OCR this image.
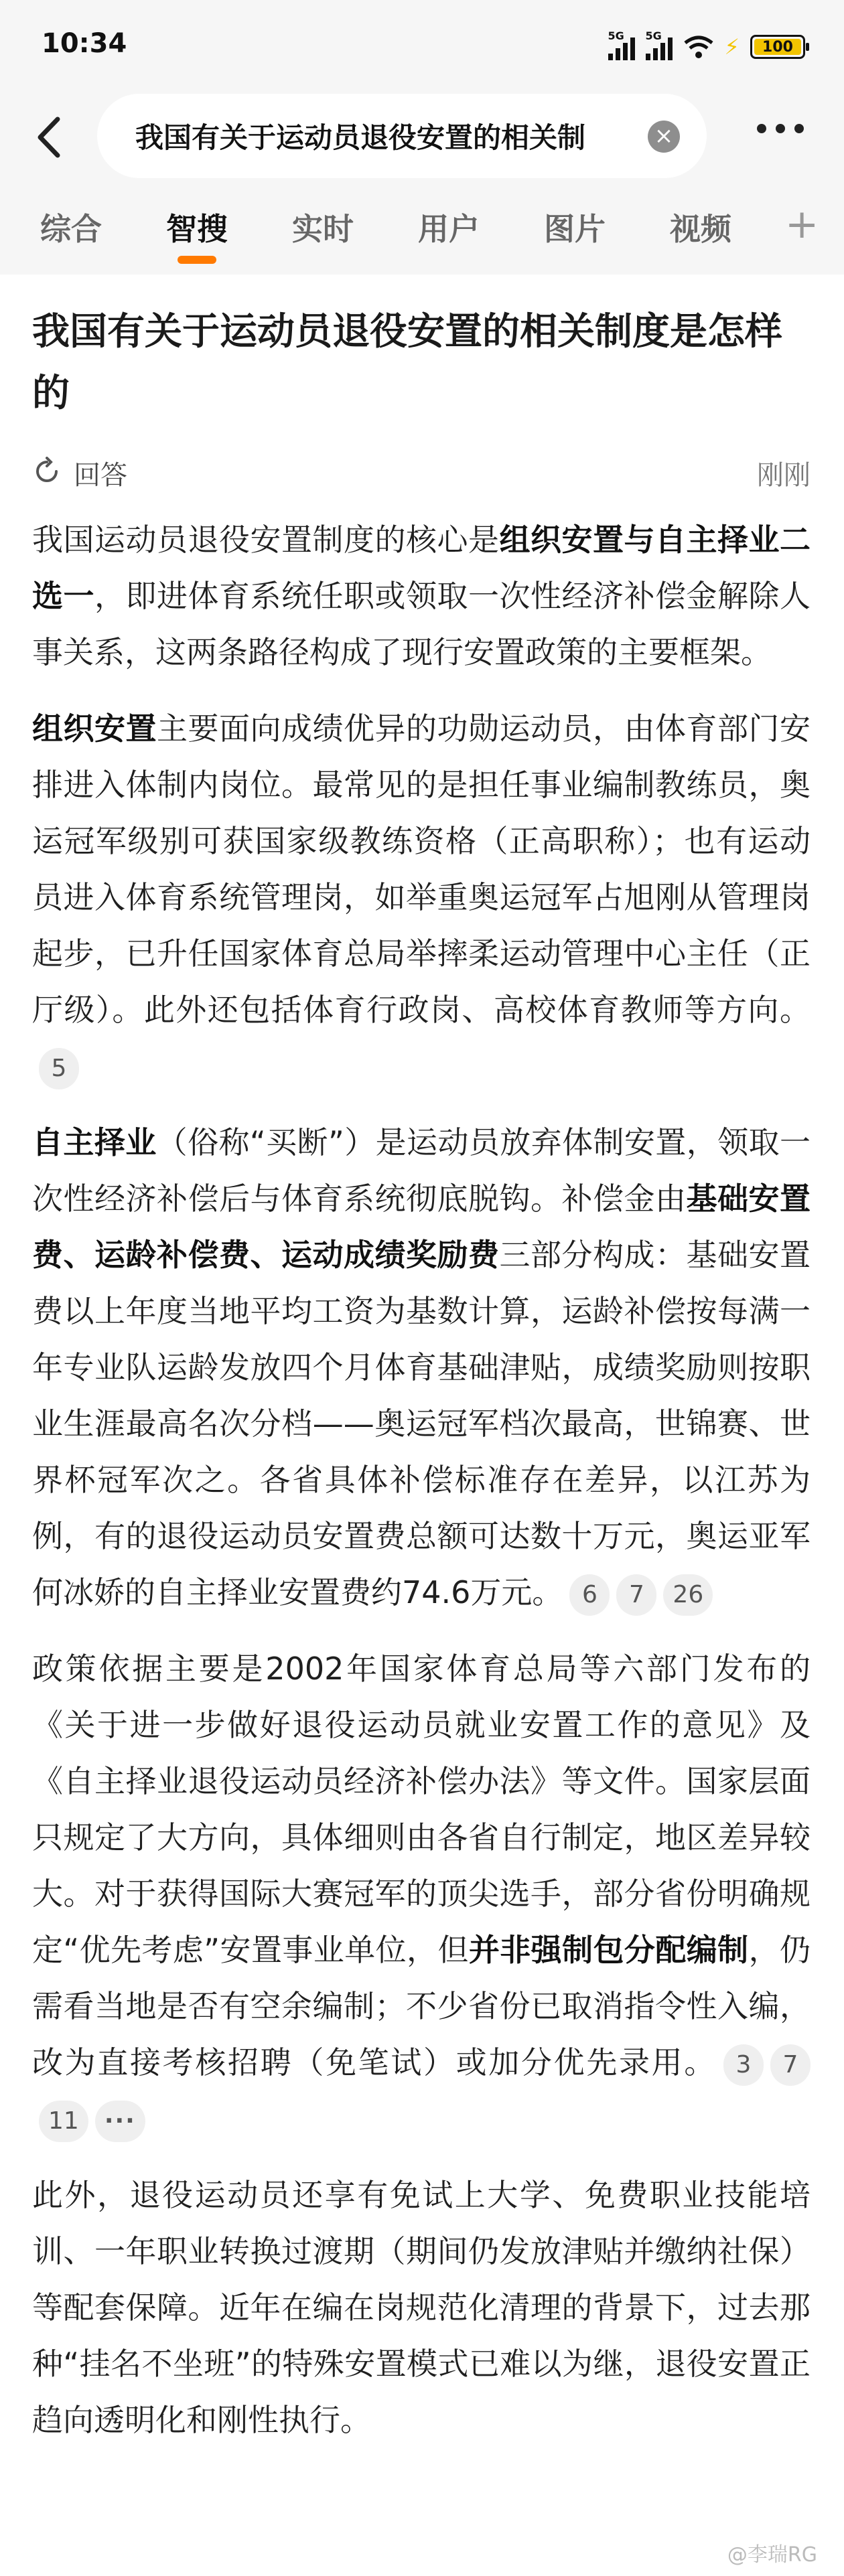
10:34	5G 5G	⚡ 100
我国有关于运动员退役安置的相关制
×
综合 智搜 实时 用户 图片 视频 +
我国有关于运动员退役安置的相关制度是怎样的
回答	刚刚

我国运动员退役安置制度的核心是组织安置与自主择业二选一，即进体育系统任职或领取一次性经济补偿金解除人事关系，这两条路径构成了现行安置政策的主要框架。

组织安置主要面向成绩优异的功勋运动员，由体育部门安排进入体制内岗位。最常见的是担任事业编制教练员，奥运冠军级别可获国家级教练资格（正高职称）；也有运动员进入体育系统管理岗，如举重奥运冠军占旭刚从管理岗起步，已升任国家体育总局举摔柔运动管理中心主任（正厅级）。此外还包括体育行政岗、高校体育教师等方向。5

自主择业（俗称“买断”）是运动员放弃体制安置，领取一次性经济补偿后与体育系统彻底脱钩。补偿金由基础安置费、运龄补偿费、运动成绩奖励费三部分构成：基础安置费以上年度当地平均工资为基数计算，运龄补偿按每满一年专业队运龄发放四个月体育基础津贴，成绩奖励则按职业生涯最高名次分档——奥运冠军档次最高，世锦赛、世界杯冠军次之。各省具体补偿标准存在差异，以江苏为例，有的退役运动员安置费总额可达数十万元，奥运亚军何冰娇的自主择业安置费约74.6万元。 6 7 26

政策依据主要是2002年国家体育总局等六部门发布的《关于进一步做好退役运动员就业安置工作的意见》及《自主择业退役运动员经济补偿办法》等文件。国家层面只规定了大方向，具体细则由各省自行制定，地区差异较大。对于获得国际大赛冠军的顶尖选手，部分省份明确规定“优先考虑”安置事业单位，但并非强制包分配编制，仍需看当地是否有空余编制；不少省份已取消指令性入编，改为直接考核招聘（免笔试）或加分优先录用。 3 711 ···

此外，退役运动员还享有免试上大学、免费职业技能培训、一年职业转换过渡期（期间仍发放津贴并缴纳社保）等配套保障。近年在编在岗规范化清理的背景下，过去那种“挂名不坐班”的特殊安置模式已难以为继，退役安置正趋向透明化和刚性执行。

@李瑞RG
